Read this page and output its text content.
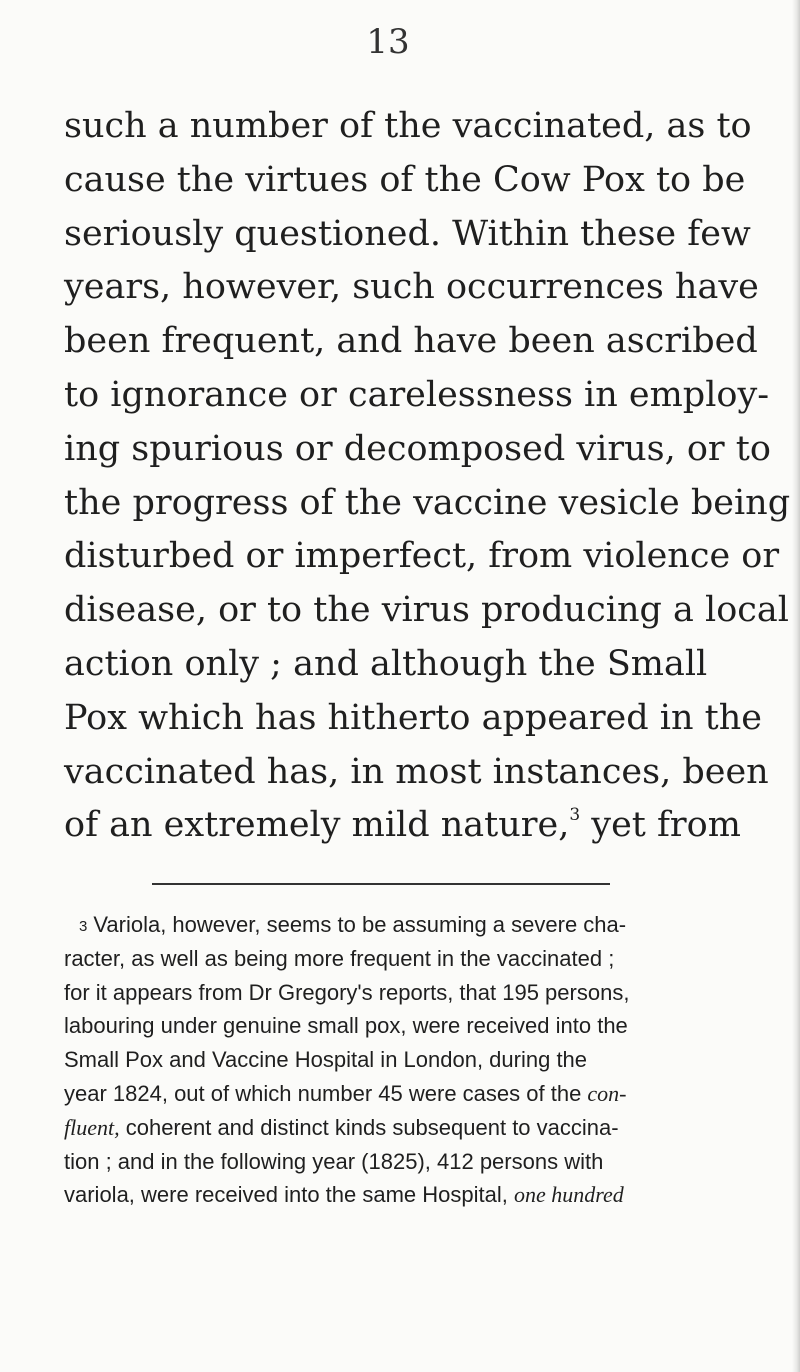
13
such a number of the vaccinated, as to
cause the virtues of the Cow Pox to be
seriously questioned. Within these few
years, however, such occurrences have
been frequent, and have been ascribed
to ignorance or carelessness in employ-
ing spurious or decomposed virus, or to
the progress of the vaccine vesicle being
disturbed or imperfect, from violence or
disease, or to the virus producing a local
action only ; and although the Small
Pox which has hitherto appeared in the
vaccinated has, in most instances, been
of an extremely mild nature,$^3$ yet from
3 Variola, however, seems to be assuming a severe cha-
racter, as well as being more frequent in the vaccinated ;
for it appears from Dr Gregory's reports, that 195 persons,
labouring under genuine small pox, were received into the
Small Pox and Vaccine Hospital in London, during the
year 1824, out of which number 45 were cases of the con-
fluent, coherent and distinct kinds subsequent to vaccina-
tion ; and in the following year (1825), 412 persons with
variola, were received into the same Hospital, one hundred
